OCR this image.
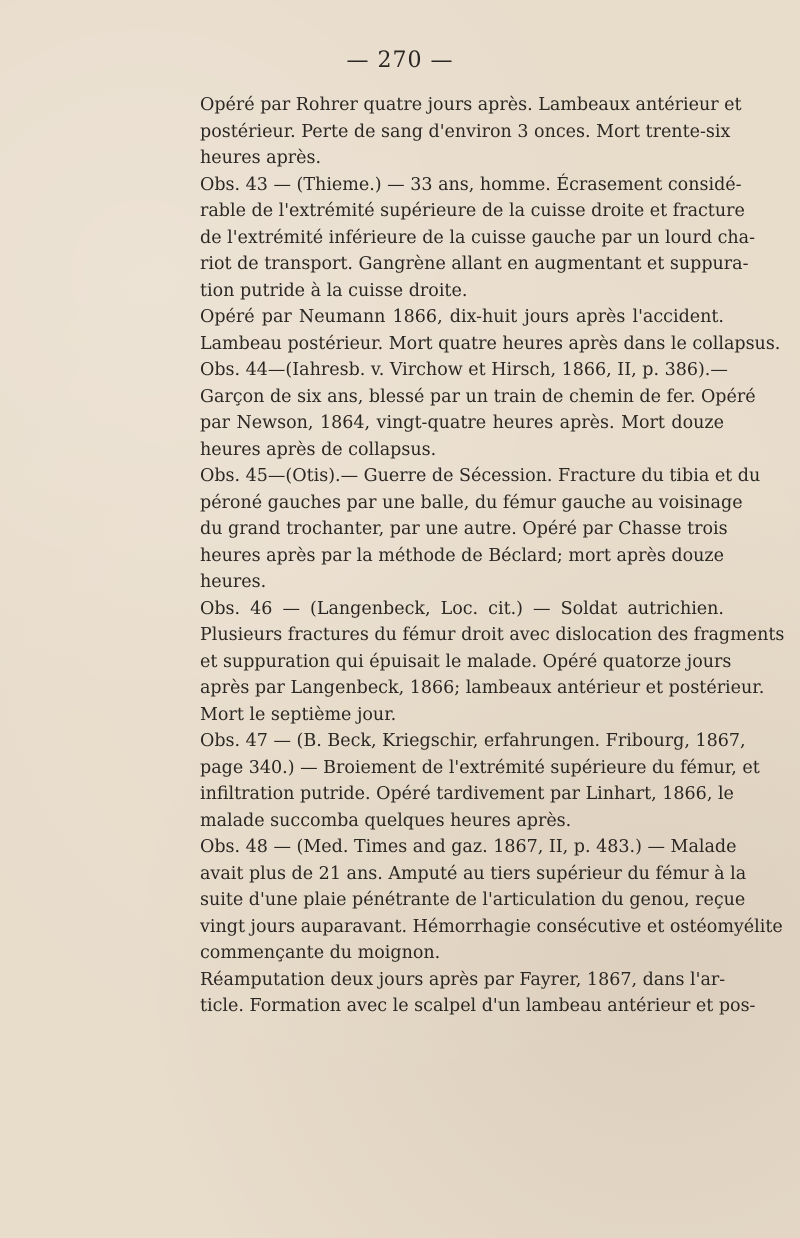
— 270 —

Opéré par Rohrer quatre jours après. Lambeaux antérieur et
postérieur. Perte de sang d'environ 3 onces. Mort trente-six
heures après.

Obs. 43 — (Thieme.) — 33 ans, homme. Écrasement considé-
rable de l'extrémité supérieure de la cuisse droite et fracture
de l'extrémité inférieure de la cuisse gauche par un lourd cha-
riot de transport. Gangrène allant en augmentant et suppura-
tion putride à la cuisse droite.

Opéré par Neumann 1866, dix-huit jours après l'accident.
Lambeau postérieur. Mort quatre heures après dans le collapsus.

Obs. 44—(Iahresb. v. Virchow et Hirsch, 1866, II, p. 386).—
Garçon de six ans, blessé par un train de chemin de fer. Opéré
par Newson, 1864, vingt-quatre heures après. Mort douze
heures après de collapsus.

Obs. 45—(Otis).— Guerre de Sécession. Fracture du tibia et du
péroné gauches par une balle, du fémur gauche au voisinage
du grand trochanter, par une autre. Opéré par Chasse trois
heures après par la méthode de Béclard; mort après douze
heures.

Obs. 46 — (Langenbeck, Loc. cit.) — Soldat autrichien.
Plusieurs fractures du fémur droit avec dislocation des fragments
et suppuration qui épuisait le malade. Opéré quatorze jours
après par Langenbeck, 1866; lambeaux antérieur et postérieur.
Mort le septième jour.

Obs. 47 — (B. Beck, Kriegschir, erfahrungen. Fribourg, 1867,
page 340.) — Broiement de l'extrémité supérieure du fémur, et
infiltration putride. Opéré tardivement par Linhart, 1866, le
malade succomba quelques heures après.

Obs. 48 — (Med. Times and gaz. 1867, II, p. 483.) — Malade
avait plus de 21 ans. Amputé au tiers supérieur du fémur à la
suite d'une plaie pénétrante de l'articulation du genou, reçue
vingt jours auparavant. Hémorrhagie consécutive et ostéomyélite
commençante du moignon.

Réamputation deux jours après par Fayrer, 1867, dans l'ar-
ticle. Formation avec le scalpel d'un lambeau antérieur et pos-
